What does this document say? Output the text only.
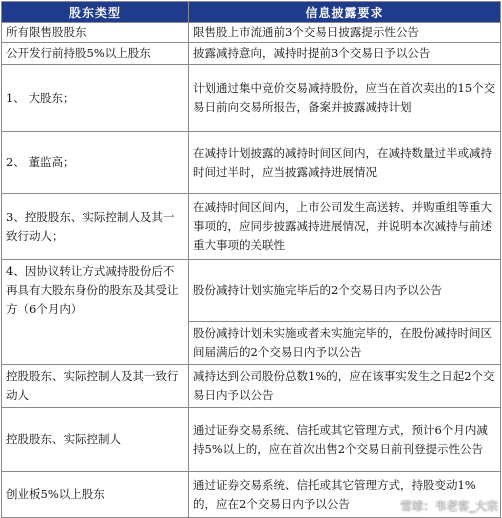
股东类型	信息披露要求
所有限售股股东	限售股上市流通前3个交易日披露提示性公告
公开发行前持股5%以上股东	披露减持意向，减持时提前3个交易日予以公告
1、 大股东；	计划通过集中竞价交易减持股份，应当在首次卖出的15个交易日前向交易所报告，备案并披露减持计划
2、 董监高；	在减持计划披露的减持时间区间内，在减持数量过半或减持时间过半时，应当披露减持进展情况
3、控股股东、实际控制人及其一致行动人；	在减持时间区间内，上市公司发生高送转、并购重组等重大事项的，应同步披露减持进展情况，并说明本次减持与前述重大事项的关联性
4、因协议转让方式减持股份后不再具有大股东身份的股东及其受让方（6个月内）	股份减持计划实施完毕后的2个交易日内予以公告
	股份减持计划未实施或者未实施完毕的，在股份减持时间区间届满后的2个交易日内予以公告
控股股东、实际控制人及其一致行动人	减持达到公司股份总数1%的，应在该事实发生之日起2个交易日内予以公告
控股股东、实际控制人	通过证券交易系统、信托或其它管理方式，预计6个月内减持5%以上的，应在首次出售2个交易日前刊登提示性公告
创业板5%以上股东	通过证券交易系统、信托或其它管理方式，持股变动1%的，应在2个交易日内予以公告	雪球：韦老客_大宗
